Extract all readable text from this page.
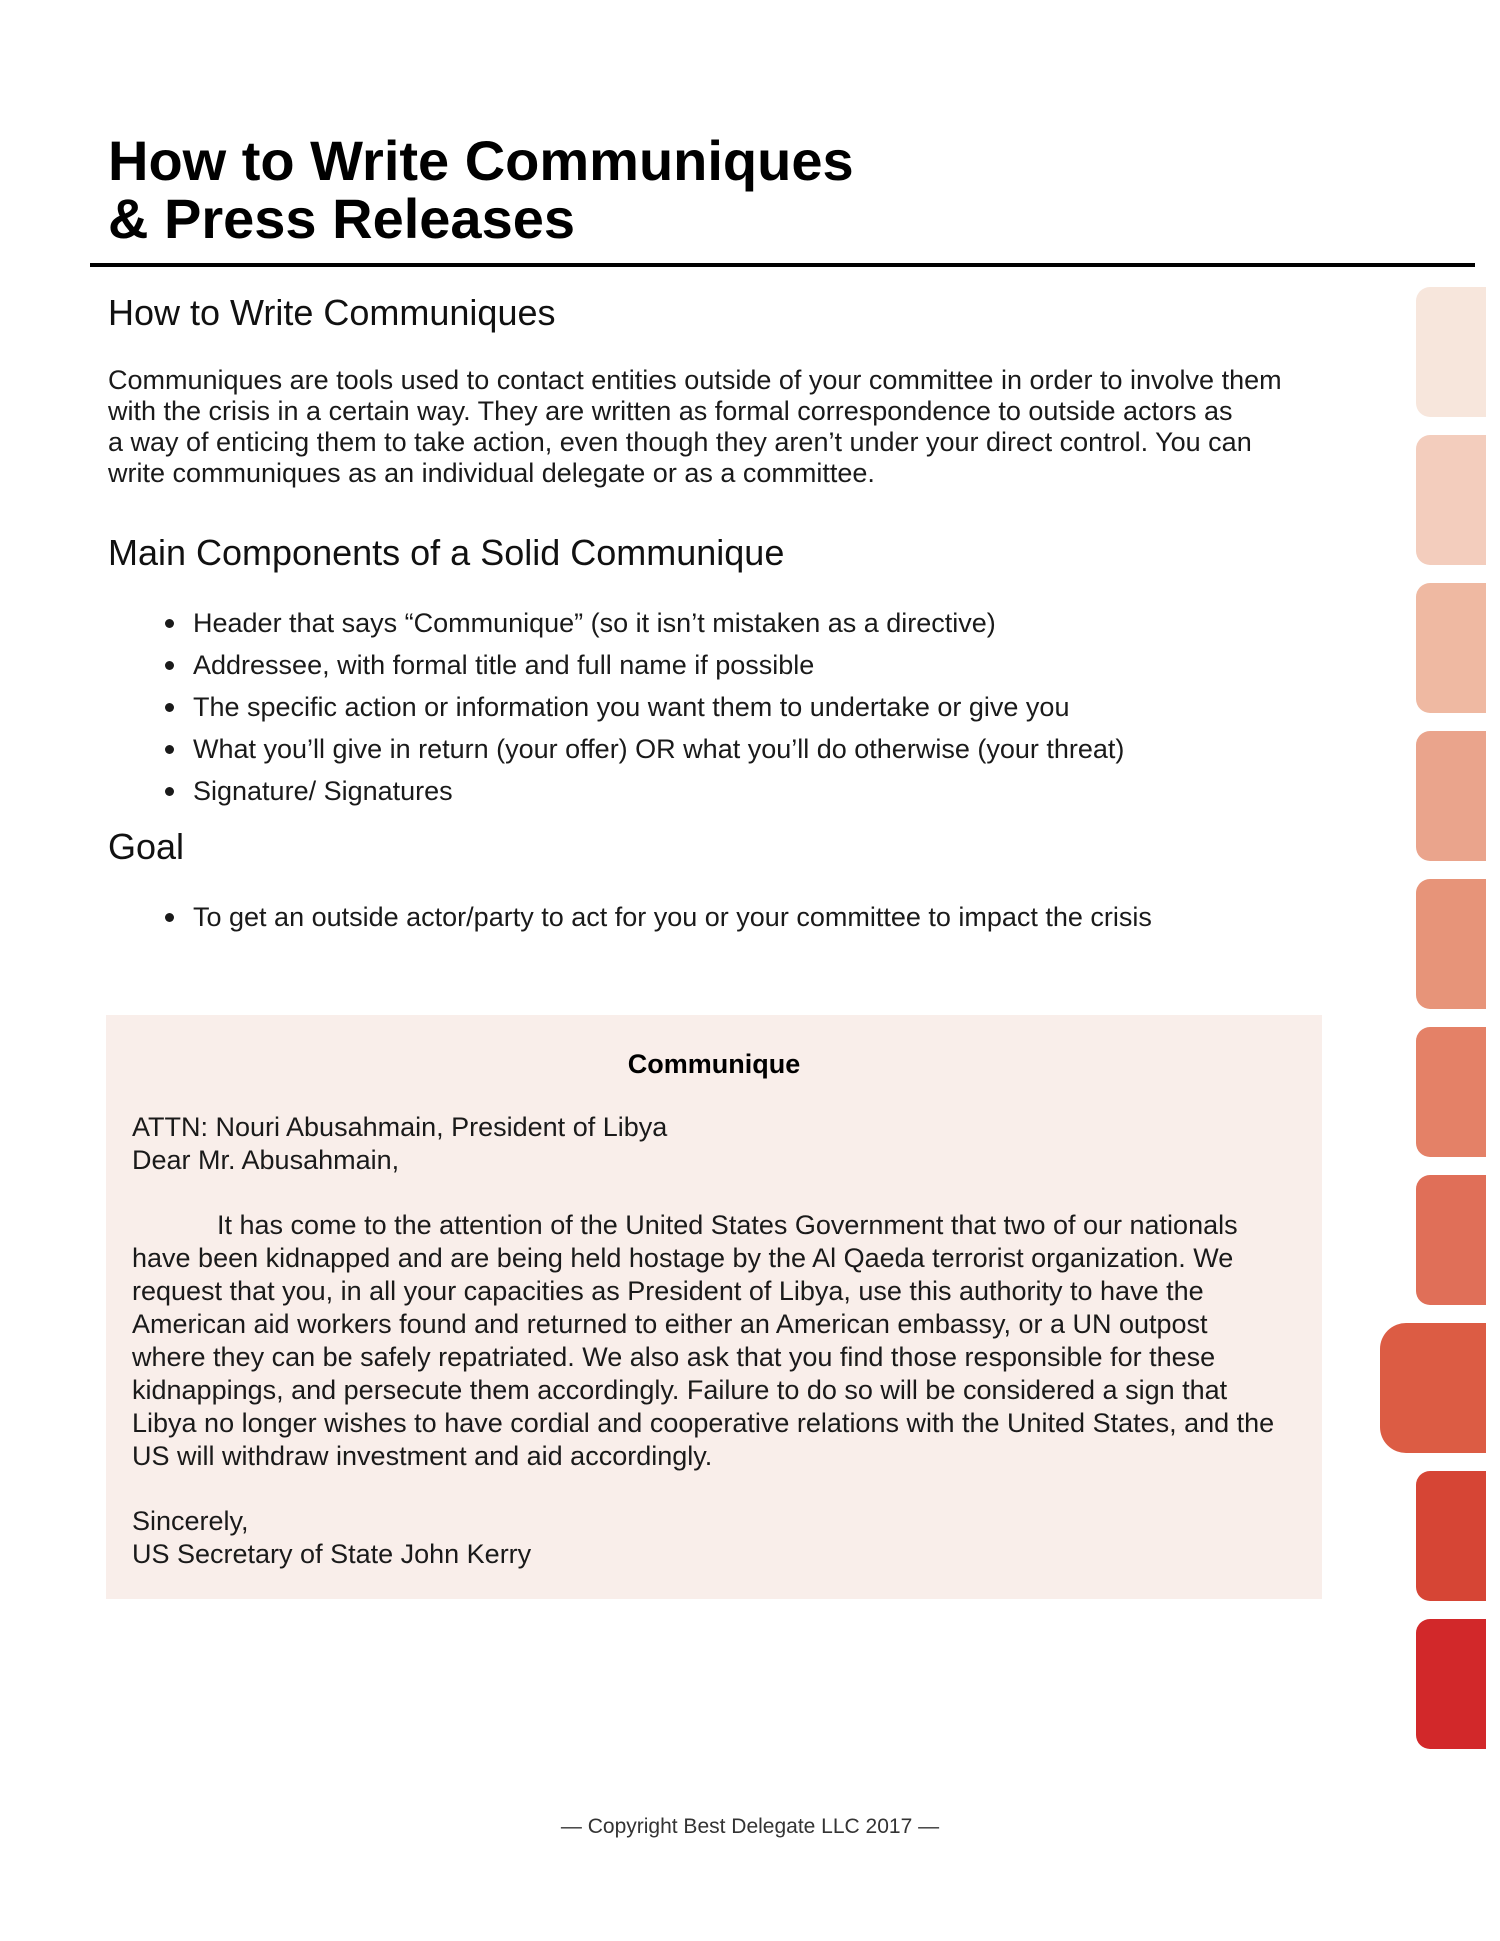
How to Write Communiques
& Press Releases
How to Write Communiques

Communiques are tools used to contact entities outside of your committee in order to involve them
with the crisis in a certain way. They are written as formal correspondence to outside actors as
a way of enticing them to take action, even though they aren’t under your direct control. You can
write communiques as an individual delegate or as a committee.

Main Components of a Solid Communique
Header that says “Communique” (so it isn’t mistaken as a directive)
Addressee, with formal title and full name if possible
The specific action or information you want them to undertake or give you
What you’ll give in return (your offer) OR what you’ll do otherwise (your threat)
Signature/ Signatures
Goal
To get an outside actor/party to act for you or your committee to impact the crisis
Communique
ATTN: Nouri Abusahmain, President of Libya
Dear Mr. Abusahmain,
It has come to the attention of the United States Government that two of our nationals
have been kidnapped and are being held hostage by the Al Qaeda terrorist organization. We
request that you, in all your capacities as President of Libya, use this authority to have the
American aid workers found and returned to either an American embassy, or a UN outpost
where they can be safely repatriated. We also ask that you find those responsible for these
kidnappings, and persecute them accordingly. Failure to do so will be considered a sign that
Libya no longer wishes to have cordial and cooperative relations with the United States, and the
US will withdraw investment and aid accordingly.
Sincerely,
US Secretary of State John Kerry
— Copyright Best Delegate LLC 2017 —
